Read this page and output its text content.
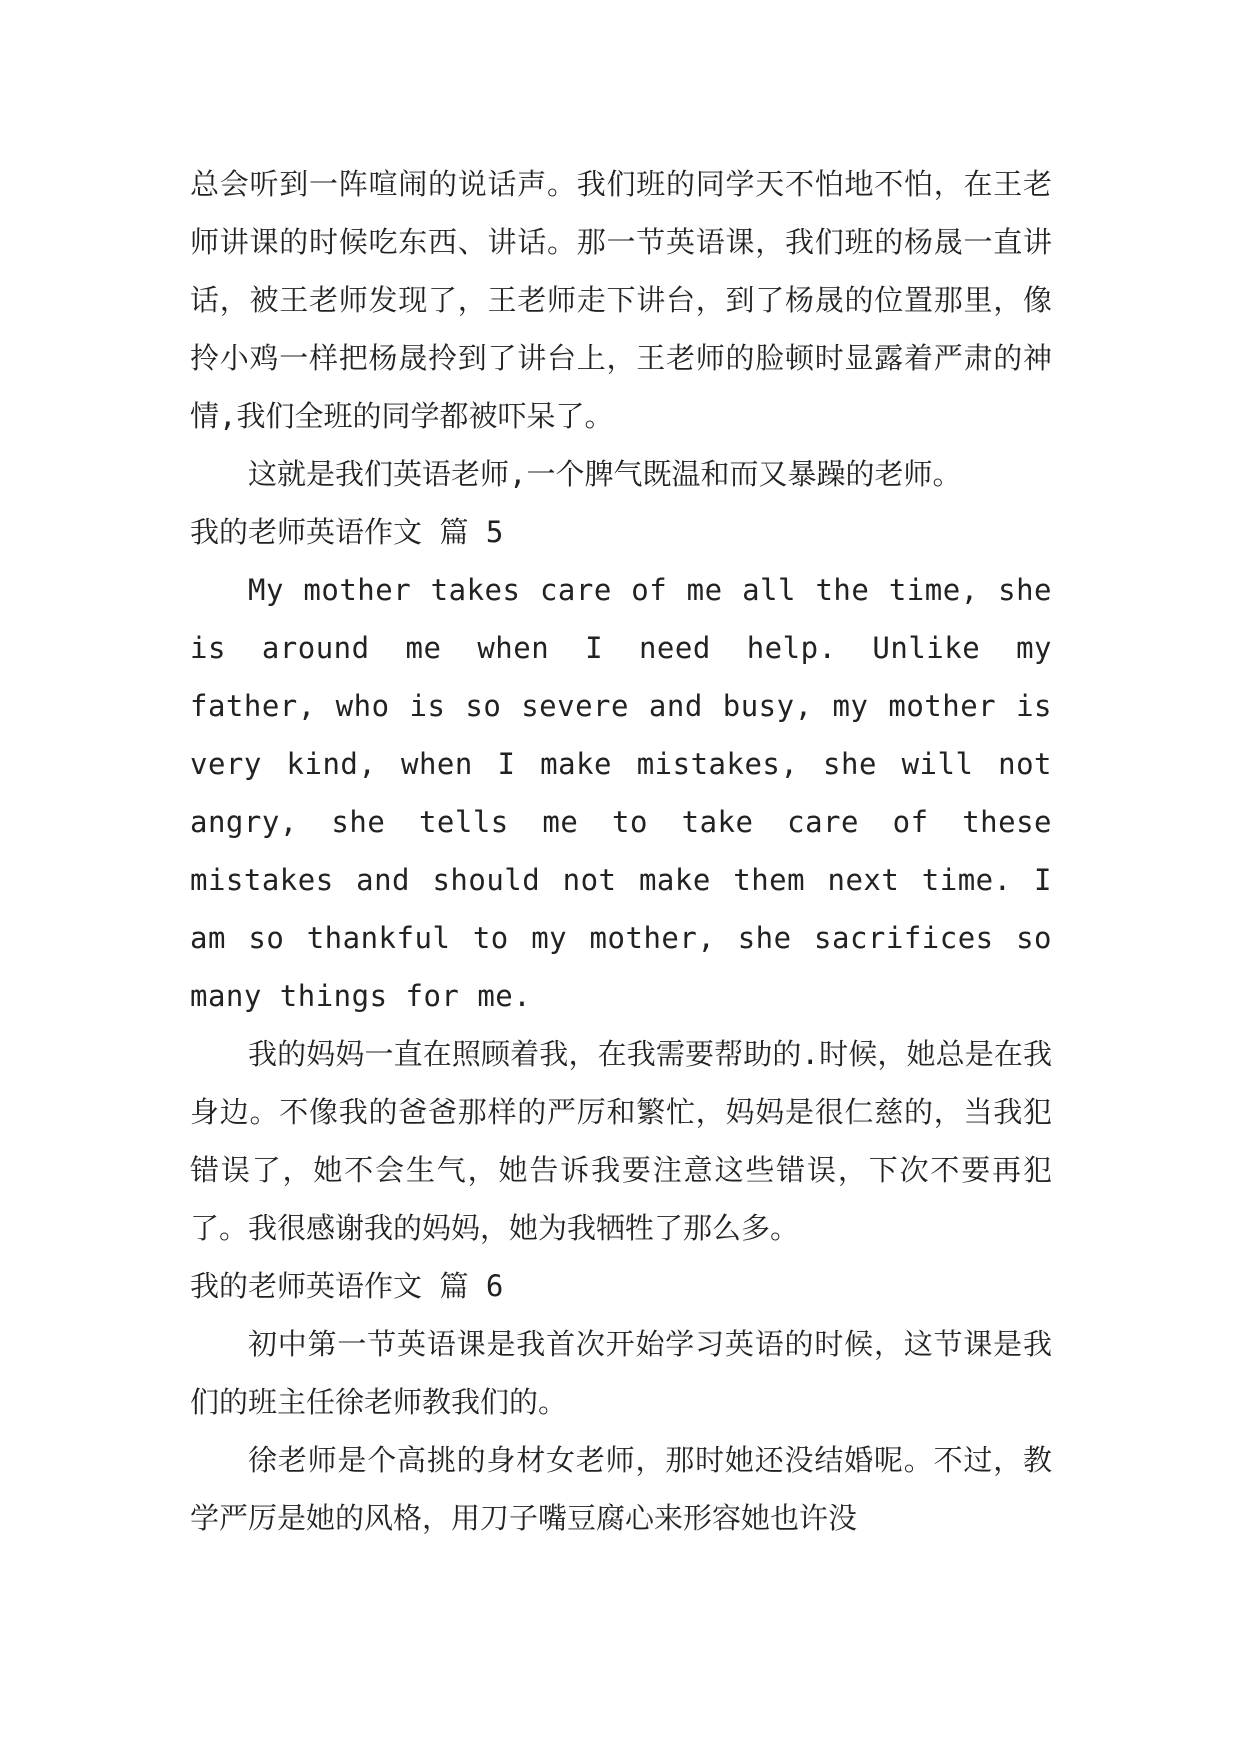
总会听到一阵喧闹的说话声。我们班的同学天不怕地不怕，在王老师讲课的时候吃东西、讲话。那一节英语课，我们班的杨晟一直讲话，被王老师发现了，王老师走下讲台，到了杨晟的位置那里，像拎小鸡一样把杨晟拎到了讲台上，王老师的脸顿时显露着严肃的神情,我们全班的同学都被吓呆了。

这就是我们英语老师,一个脾气既温和而又暴躁的老师。

我的老师英语作文 篇 5

My mother takes care of me all the time, she is around me when I need help. Unlike my father, who is so severe and busy, my mother is very kind, when I make mistakes, she will not angry, she tells me to take care of these mistakes and should not make them next time. I am so thankful to my mother, she sacrifices so many things for me.

我的妈妈一直在照顾着我，在我需要帮助的.时候，她总是在我身边。不像我的爸爸那样的严厉和繁忙，妈妈是很仁慈的，当我犯错误了，她不会生气，她告诉我要注意这些错误，下次不要再犯了。我很感谢我的妈妈，她为我牺牲了那么多。

我的老师英语作文 篇 6

初中第一节英语课是我首次开始学习英语的时候，这节课是我们的班主任徐老师教我们的。

徐老师是个高挑的身材女老师，那时她还没结婚呢。不过，教学严厉是她的风格，用刀子嘴豆腐心来形容她也许没
